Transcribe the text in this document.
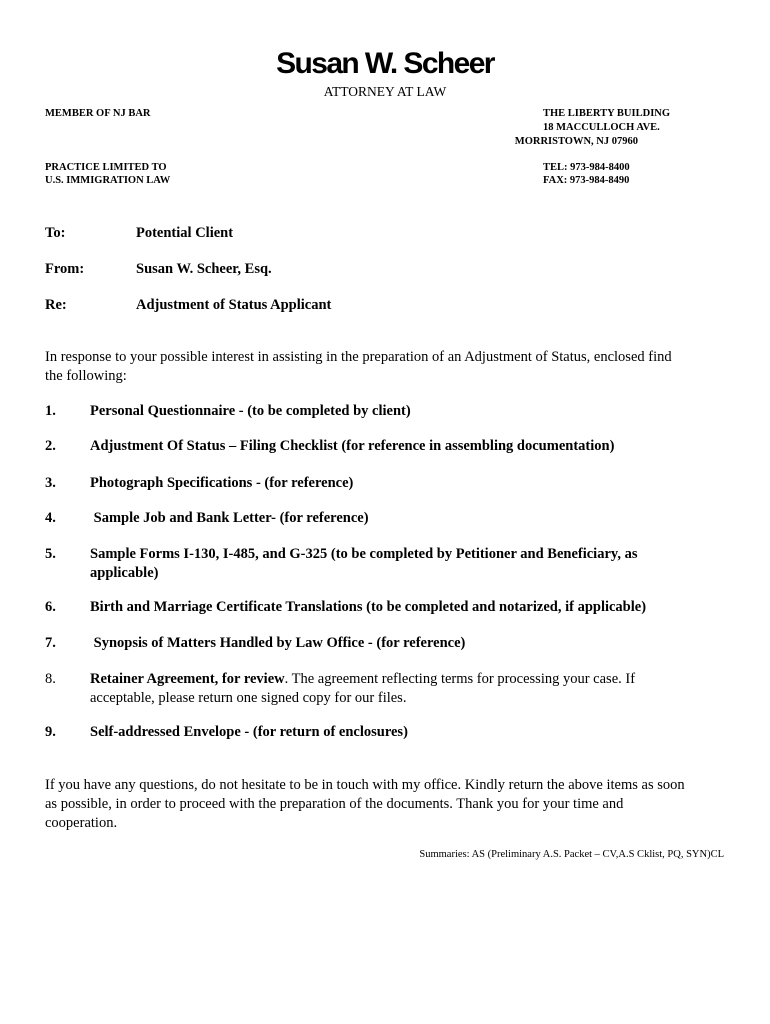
Susan W. Scheer
ATTORNEY AT LAW
MEMBER OF NJ BAR	THE LIBERTY BUILDING
18 MACCULLOCH AVE.
MORRISTOWN, NJ 07960
PRACTICE LIMITED TO
U.S. IMMIGRATION LAW
TEL: 973-984-8400
FAX: 973-984-8490
To:	Potential Client
From:	Susan W. Scheer, Esq.
Re:	Adjustment of Status Applicant
In response to your possible interest in assisting in the preparation of an Adjustment of Status, enclosed find the following:
1. Personal Questionnaire - (to be completed by client)
2. Adjustment Of Status – Filing Checklist (for reference in assembling documentation)
3. Photograph Specifications - (for reference)
4. Sample Job and Bank Letter- (for reference)
5. Sample Forms I-130, I-485, and G-325 (to be completed by Petitioner and Beneficiary, as applicable)
6. Birth and Marriage Certificate Translations (to be completed and notarized, if applicable)
7. Synopsis of Matters Handled by Law Office - (for reference)
8. Retainer Agreement, for review. The agreement reflecting terms for processing your case. If acceptable, please return one signed copy for our files.
9. Self-addressed Envelope - (for return of enclosures)
If you have any questions, do not hesitate to be in touch with my office. Kindly return the above items as soon as possible, in order to proceed with the preparation of the documents. Thank you for your time and cooperation.
Summaries: AS (Preliminary A.S. Packet – CV,A.S Cklist, PQ, SYN)CL
